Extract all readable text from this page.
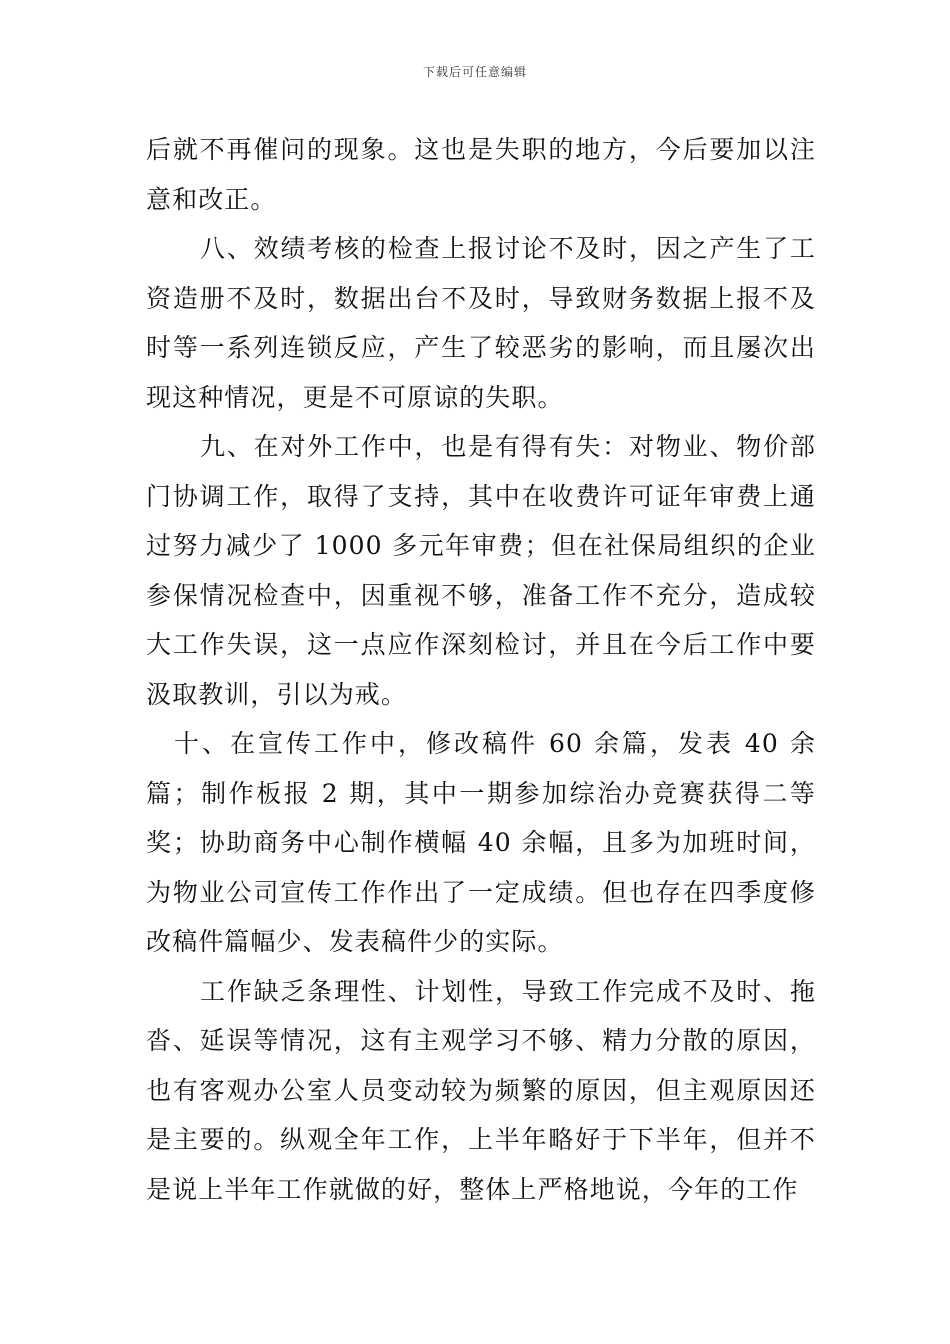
下载后可任意编辑

后就不再催问的现象。这也是失职的地方，今后要加以注意和改正。

八、效绩考核的检查上报讨论不及时，因之产生了工资造册不及时，数据出台不及时，导致财务数据上报不及时等一系列连锁反应，产生了较恶劣的影响，而且屡次出现这种情况，更是不可原谅的失职。

九、在对外工作中，也是有得有失：对物业、物价部门协调工作，取得了支持，其中在收费许可证年审费上通过努力减少了 1000 多元年审费；但在社保局组织的企业参保情况检查中，因重视不够，准备工作不充分，造成较大工作失误，这一点应作深刻检讨，并且在今后工作中要汲取教训，引以为戒。

十、在宣传工作中，修改稿件 60 余篇，发表 40 余篇；制作板报 2 期，其中一期参加综治办竞赛获得二等奖；协助商务中心制作横幅 40 余幅，且多为加班时间，为物业公司宣传工作作出了一定成绩。但也存在四季度修改稿件篇幅少、发表稿件少的实际。

工作缺乏条理性、计划性，导致工作完成不及时、拖沓、延误等情况，这有主观学习不够、精力分散的原因，也有客观办公室人员变动较为频繁的原因，但主观原因还是主要的。纵观全年工作，上半年略好于下半年，但并不是说上半年工作就做的好，整体上严格地说，今年的工作
